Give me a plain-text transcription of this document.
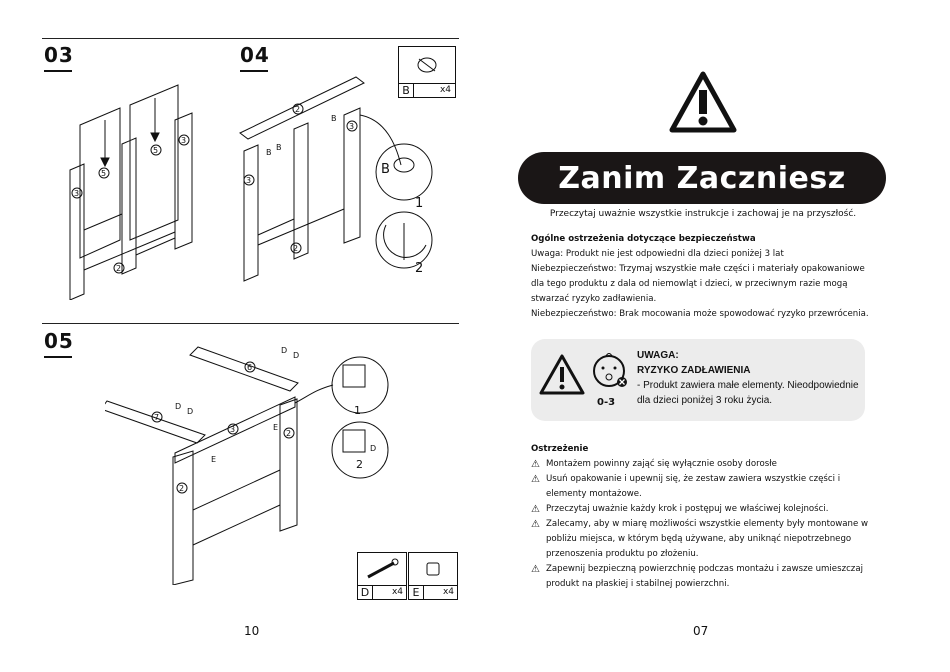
03	04
05
5
5
3
3
2
2
3
3
2
B
B
B
B
1
2
B	x4
6
7
3
2
2
D
D
D
D
E
E
1
2
D
D	x4 E	x4
10
Zanim Zaczniesz
Przeczytaj uważnie wszystkie instrukcje i zachowaj je na przyszłość.
Ogólne ostrzeżenia dotyczące bezpieczeństwa
Uwaga: Produkt nie jest odpowiedni dla dzieci poniżej 3 lat
Niebezpieczeństwo: Trzymaj wszystkie małe części i materiały opakowaniowe dla tego produktu z dala od niemowląt i dzieci, w przeciwnym razie mogą stwarzać ryzyko zadławienia.
Niebezpieczeństwo: Brak mocowania może spowodować ryzyko przewrócenia.
0-3
UWAGA:
RYZYKO ZADŁAWIENIA
- Produkt zawiera małe elementy. Nieodpowiednie dla dzieci poniżej 3 roku życia.
Ostrzeżenie
⚠ Montażem powinny zająć się wyłącznie osoby dorosłe
⚠ Usuń opakowanie i upewnij się, że zestaw zawiera wszystkie części i elementy montażowe.
⚠ Przeczytaj uważnie każdy krok i postępuj we właściwej kolejności.
⚠ Zalecamy, aby w miarę możliwości wszystkie elementy były montowane w pobliżu miejsca, w którym będą używane, aby uniknąć niepotrzebnego przenoszenia produktu po złożeniu.
⚠ Zapewnij bezpieczną powierzchnię podczas montażu i zawsze umieszczaj produkt na płaskiej i stabilnej powierzchni.
07
